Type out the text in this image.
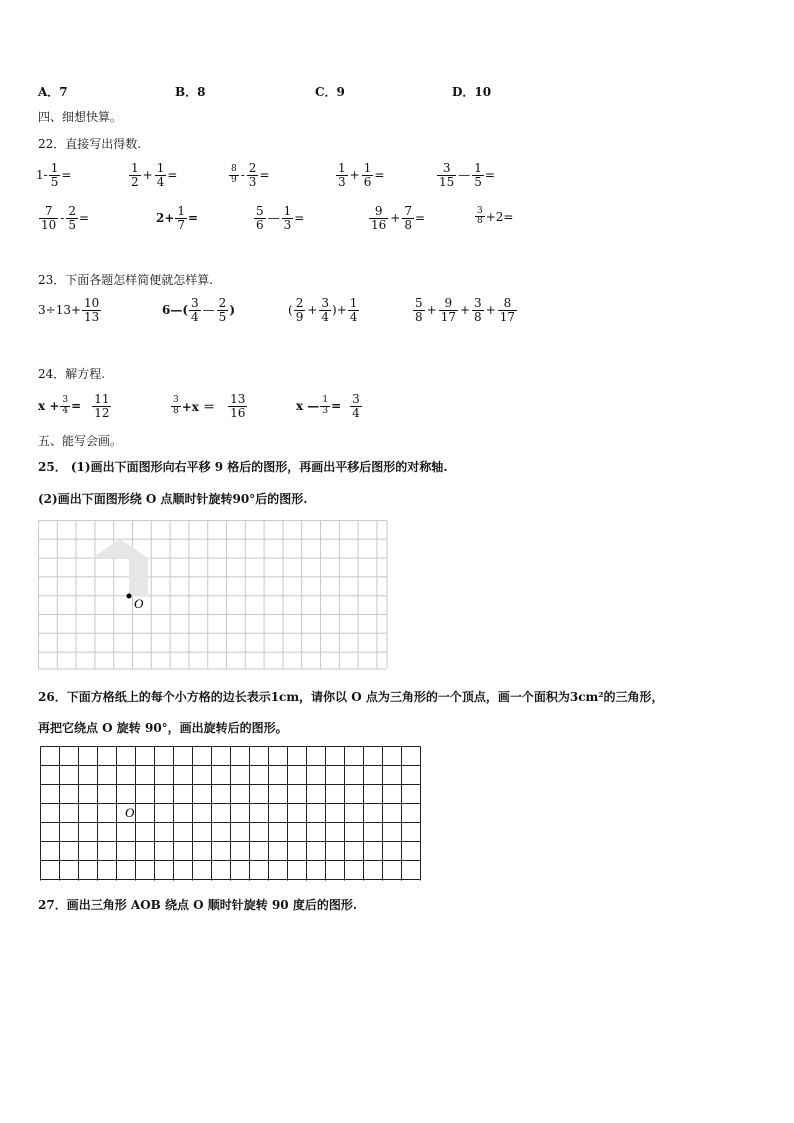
A．7	B．8	C．9	D．10
四、细想快算。
22．直接写出得数.
$1- \frac{1}{5}$ =	$\frac{1}{2} + \frac{1}{4}$ =	$\frac{8}{9} - \frac{2}{3}$ =	$\frac{1}{3} + \frac{1}{6}$ =	$\frac{3}{15}$ — $\frac{1}{5}$ =
$\frac{7}{10} - \frac{2}{5}$ =	$2+ \frac{1}{7}$ =	$\frac{5}{6}$ — $\frac{1}{3}$ =	$\frac{9}{16} + \frac{7}{8}$ =	$\frac{3}{8} +2=$
23．下面各题怎样简便就怎样算.
$3\div 13+ \frac{10}{13}$	6—( $\frac{3}{4}$ — $\frac{2}{5}$ )	( $\frac{2}{9} + \frac{3}{4}$ )+ $\frac{1}{4}$	$\frac{5}{8} + \frac{9}{17} + \frac{3}{8} + \frac{8}{17}$
24．解方程.
$x + \frac{3}{4} = \frac{11}{12}$	$\frac{3}{8} +x = \frac{13}{16}$	x — $\frac{1}{3} = \frac{3}{4}$
五、能写会画。
25． (1)画出下面图形向右平移 9 格后的图形，再画出平移后图形的对称轴.
(2)画出下面图形绕 O 点顺时针旋转90°后的图形.
O
26．下面方格纸上的每个小方格的边长表示1cm，请你以 O 点为三角形的一个顶点，画一个面积为3cm²的三角形，
再把它绕点 O 旋转 90°，画出旋转后的图形。
O
27．画出三角形 AOB 绕点 O 顺时针旋转 90 度后的图形.
